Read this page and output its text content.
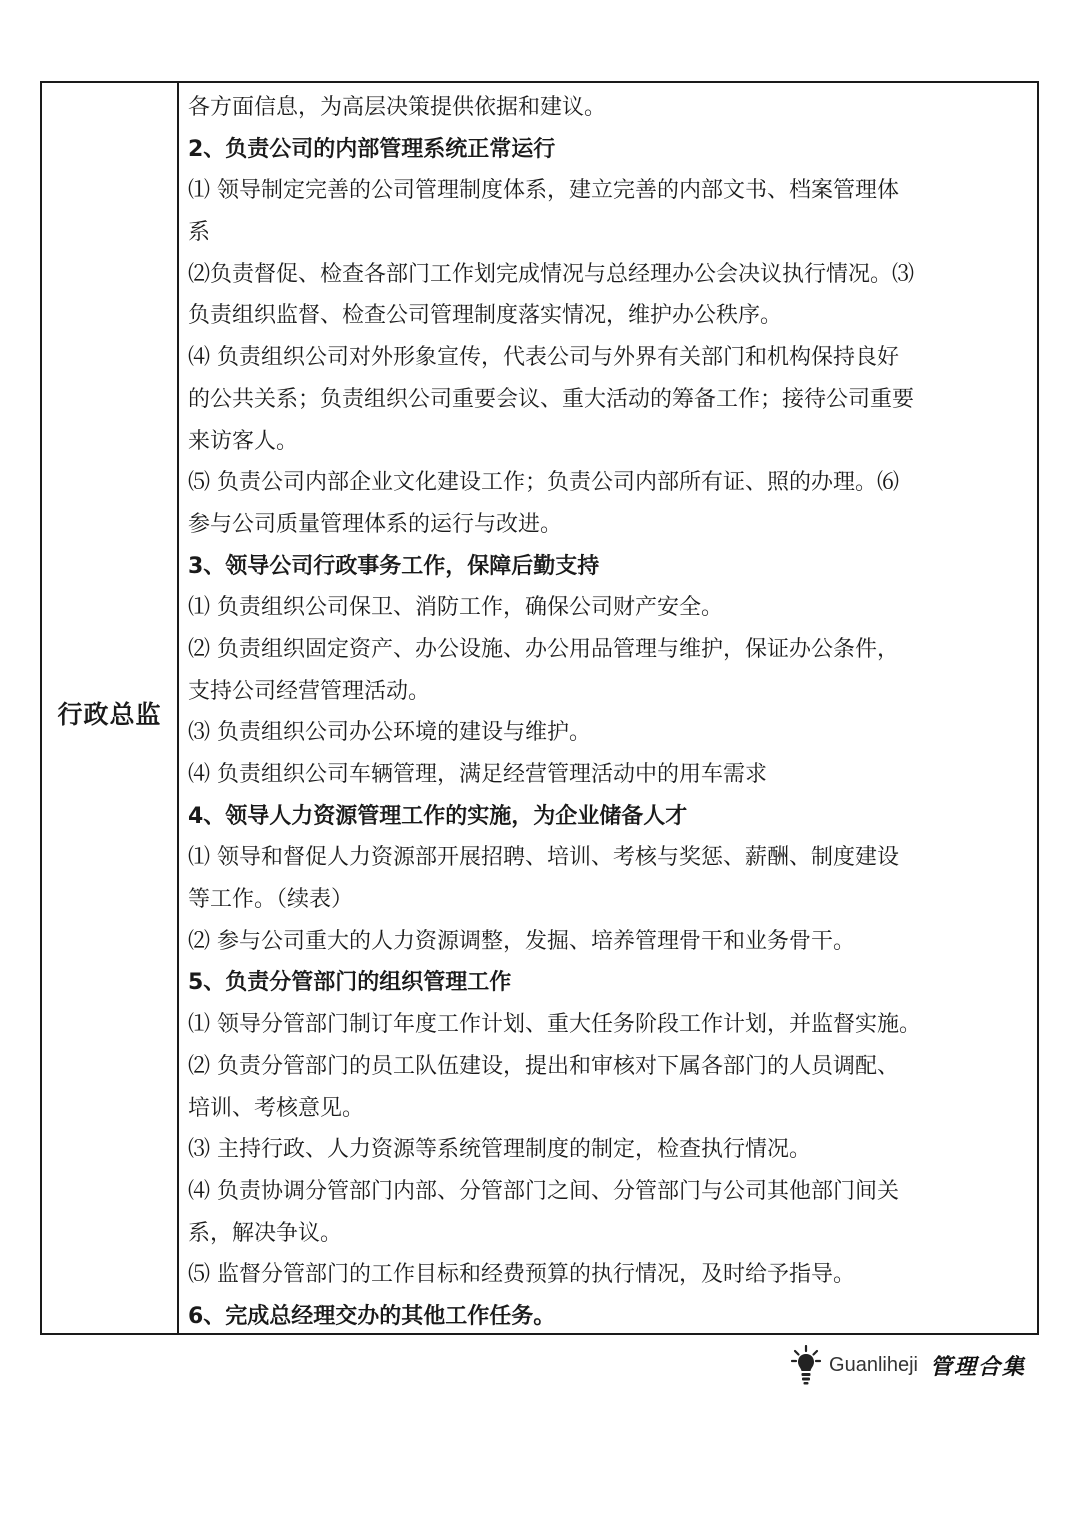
行政总监
各方面信息，为高层决策提供依据和建议。
2、负责公司的内部管理系统正常运行
⑴ 领导制定完善的公司管理制度体系，建立完善的内部文书、档案管理体
系
⑵负责督促、检查各部门工作划完成情况与总经理办公会决议执行情况。⑶
负责组织监督、检查公司管理制度落实情况，维护办公秩序。
⑷ 负责组织公司对外形象宣传，代表公司与外界有关部门和机构保持良好
的公共关系；负责组织公司重要会议、重大活动的筹备工作；接待公司重要
来访客人。
⑸ 负责公司内部企业文化建设工作；负责公司内部所有证、照的办理。⑹
参与公司质量管理体系的运行与改进。
3、领导公司行政事务工作，保障后勤支持
⑴ 负责组织公司保卫、消防工作，确保公司财产安全。
⑵ 负责组织固定资产、办公设施、办公用品管理与维护，保证办公条件，
支持公司经营管理活动。
⑶ 负责组织公司办公环境的建设与维护。
⑷ 负责组织公司车辆管理，满足经营管理活动中的用车需求
4、领导人力资源管理工作的实施，为企业储备人才
⑴ 领导和督促人力资源部开展招聘、培训、考核与奖惩、薪酬、制度建设
等工作。（续表）
⑵ 参与公司重大的人力资源调整，发掘、培养管理骨干和业务骨干。
5、负责分管部门的组织管理工作
⑴ 领导分管部门制订年度工作计划、重大任务阶段工作计划，并监督实施。
⑵ 负责分管部门的员工队伍建设，提出和审核对下属各部门的人员调配、
培训、考核意见。
⑶ 主持行政、人力资源等系统管理制度的制定，检查执行情况。
⑷ 负责协调分管部门内部、分管部门之间、分管部门与公司其他部门间关
系，解决争议。
⑸ 监督分管部门的工作目标和经费预算的执行情况，及时给予指导。
6、完成总经理交办的其他工作任务。
Guanliheji 管理合集
